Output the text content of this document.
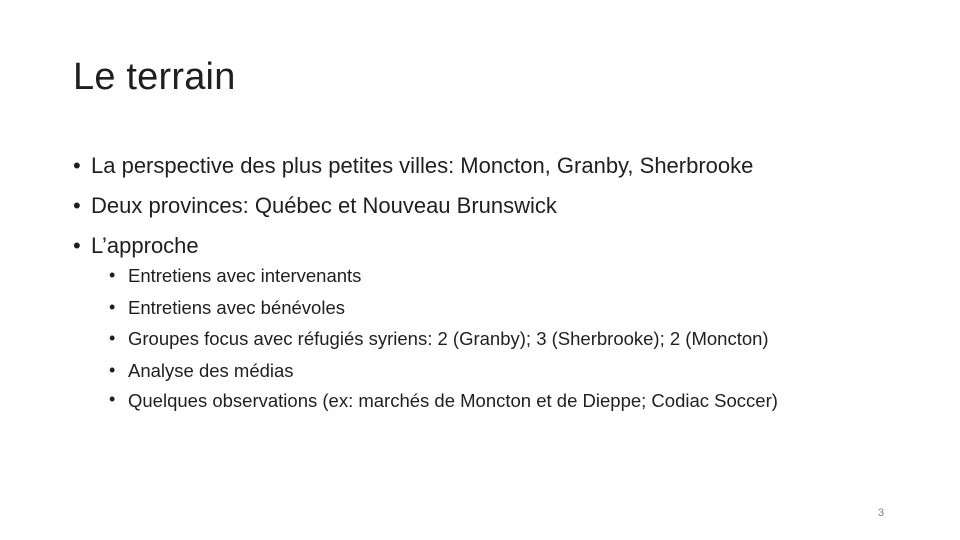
Le terrain
• La perspective des plus petites villes: Moncton, Granby, Sherbrooke
• Deux provinces: Québec et Nouveau Brunswick
• L’approche
• Entretiens avec intervenants
• Entretiens avec bénévoles
• Groupes focus avec réfugiés syriens: 2 (Granby); 3 (Sherbrooke); 2 (Moncton)
• Analyse des médias
• Quelques observations (ex: marchés de Moncton et de Dieppe; Codiac Soccer)
3
